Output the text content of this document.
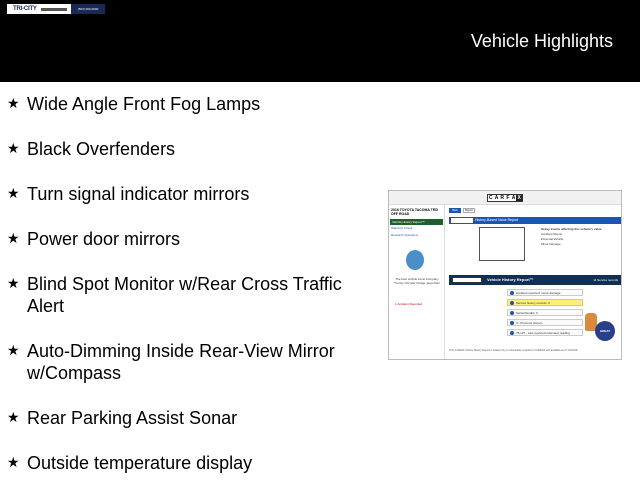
TRI-CITY	(503) 000-0000
Vehicle Highlights
★ Wide Angle Front Fog Lamps
★ Black Overfenders
★ Turn signal indicator mirrors
★ Power door mirrors
★ Blind Spot Monitor w/Rear Cross Traffic Alert
★ Auto-Dimming Inside Rear-View Mirror w/Compass
★ Rear Parking Assist Sonar
★ Outside temperature display
C A R F A X
2016 TOYOTA TACOMA TRD OFF ROAD
Vehicle History Report™
Warranty Check
Research Questions
The best vehicle list at Company Tri-City Chrysler Dodge Jeep Ram
1 Accident Reported
Back	Report
History-Based Value Report
Heavy events affecting this vehicle's value
Accident Report
Personal Vehicle
Minor Damage
Vehicle History Report™	11 Service records
Accident reported: minor damage
Service history records: 9
Serial Recalls: 0
3 - Previous owners
76,137 - Last reported odometer reading	GREAT VALUE
This CARFAX Vehicle History Report is based only on information supplied to CARFAX and available as of 1/1/2019.
